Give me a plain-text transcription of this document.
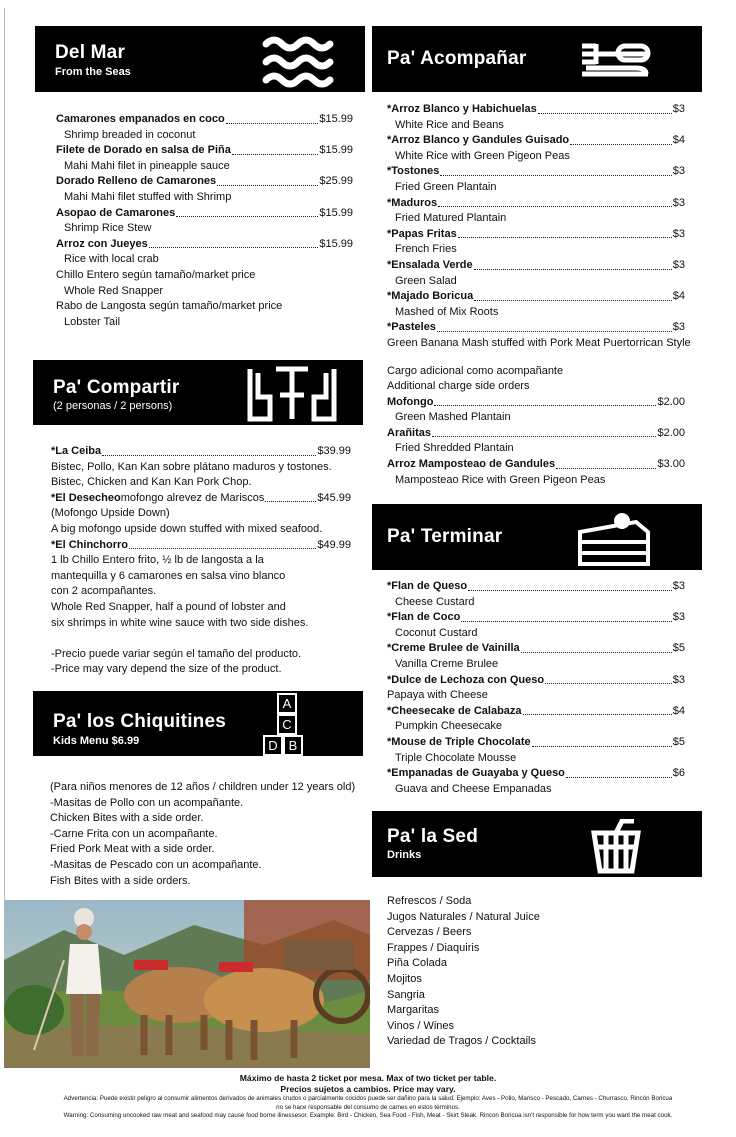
Del Mar
From the Seas
Camarones empanados en coco	$15.99
Shrimp breaded in coconut
Filete de Dorado en salsa de Piña	$15.99
Mahi Mahi filet in pineapple sauce
Dorado Relleno de Camarones	$25.99
Mahi Mahi filet stuffed with Shrimp
Asopao de Camarones	$15.99
Shrimp Rice Stew
Arroz con Jueyes	$15.99
Rice with local crab
Chillo Entero según tamaño/market price
Whole Red Snapper
Rabo de Langosta según tamaño/market price
Lobster Tail
Pa' Compartir
(2 personas / 2 persons)
*La Ceiba	$39.99
Bistec, Pollo, Kan Kan sobre plátano maduros y tostones.
Bistec, Chicken and Kan Kan Pork Chop.
*El Desecheo mofongo alrevez de Mariscos	$45.99
(Mofongo Upside Down)
A big mofongo upside down stuffed with mixed seafood.
*El Chinchorro	$49.99
1 lb Chillo Entero frito, ½ lb de langosta a la
mantequilla y 6 camarones en salsa vino blanco
con 2 acompañantes.
Whole Red Snapper, half a pound of lobster and
six shrimps in white wine sauce with two side dishes.

-Precio puede variar según el tamaño del producto.
-Price may vary depend the size of the product.
Pa' los Chiquitines
Kids Menu $6.99
A
C
D B
(Para niños menores de 12 años / children under 12 years old)
-Masitas de Pollo con un acompañante.
Chicken Bites with a side order.
-Carne Frita con un acompañante.
Fried Pork Meat with a side order.
-Masitas de Pescado con un acompañante.
Fish Bites with a side orders.
Pa' Acompañar
*Arroz Blanco y Habichuelas	$3
White Rice and Beans
*Arroz Blanco y Gandules Guisado	$4
White Rice with Green Pigeon Peas
*Tostones	$3
Fried Green Plantain
*Maduros	$3
Fried Matured Plantain
*Papas Fritas	$3
French Fries
*Ensalada Verde	$3
Green Salad
*Majado Boricua	$4
Mashed of Mix Roots
*Pasteles	$3
Green Banana Mash stuffed with Pork Meat Puertorrican Style
Cargo adicional como acompañante
Additional charge side orders
Mofongo	$2.00
Green Mashed Plantain
Arañitas	$2.00
Fried Shredded Plantain
Arroz Mamposteao de Gandules	$3.00
Mamposteao Rice with Green Pigeon Peas
Pa' Terminar
*Flan de Queso	$3
Cheese Custard
*Flan de Coco	$3
Coconut Custard
*Creme Brulee de Vainilla	$5
Vanilla Creme Brulee
*Dulce de Lechoza con Queso	$3
Papaya with Cheese
*Cheesecake de Calabaza	$4
Pumpkin Cheesecake
*Mouse de Triple Chocolate	$5
Triple Chocolate Mousse
*Empanadas de Guayaba y Queso	$6
Guava and Cheese Empanadas
Pa' la Sed
Drinks
Refrescos / Soda
Jugos Naturales / Natural Juice
Cervezas / Beers
Frappes / Diaquiris
Piña Colada
Mojitos
Sangria
Margaritas
Vinos / Wines
Variedad de Tragos / Cocktails
Máximo de hasta 2 ticket por mesa. Max of two ticket per table.
Precios sujetos a cambios. Price may vary.
Advertencia: Puede existir peligro al consumir alimentos derivados de animales crudos o parcialmente cocidos puede ser dañino para la salud. Ejemplo: Aves - Pollo, Marisco - Pescado, Carnes - Churrasco. Rincón Boricua
no se hace responsable del consumo de carnes en estos términos.
Warning: Consuming uncooked raw meat and seafood may cause food borne ilinessesor. Example: Bird - Chicken, Sea Food - Fish, Meat - Skirt Steak. Rincon Boricua isn't responsible for how term you want the meat cook.
